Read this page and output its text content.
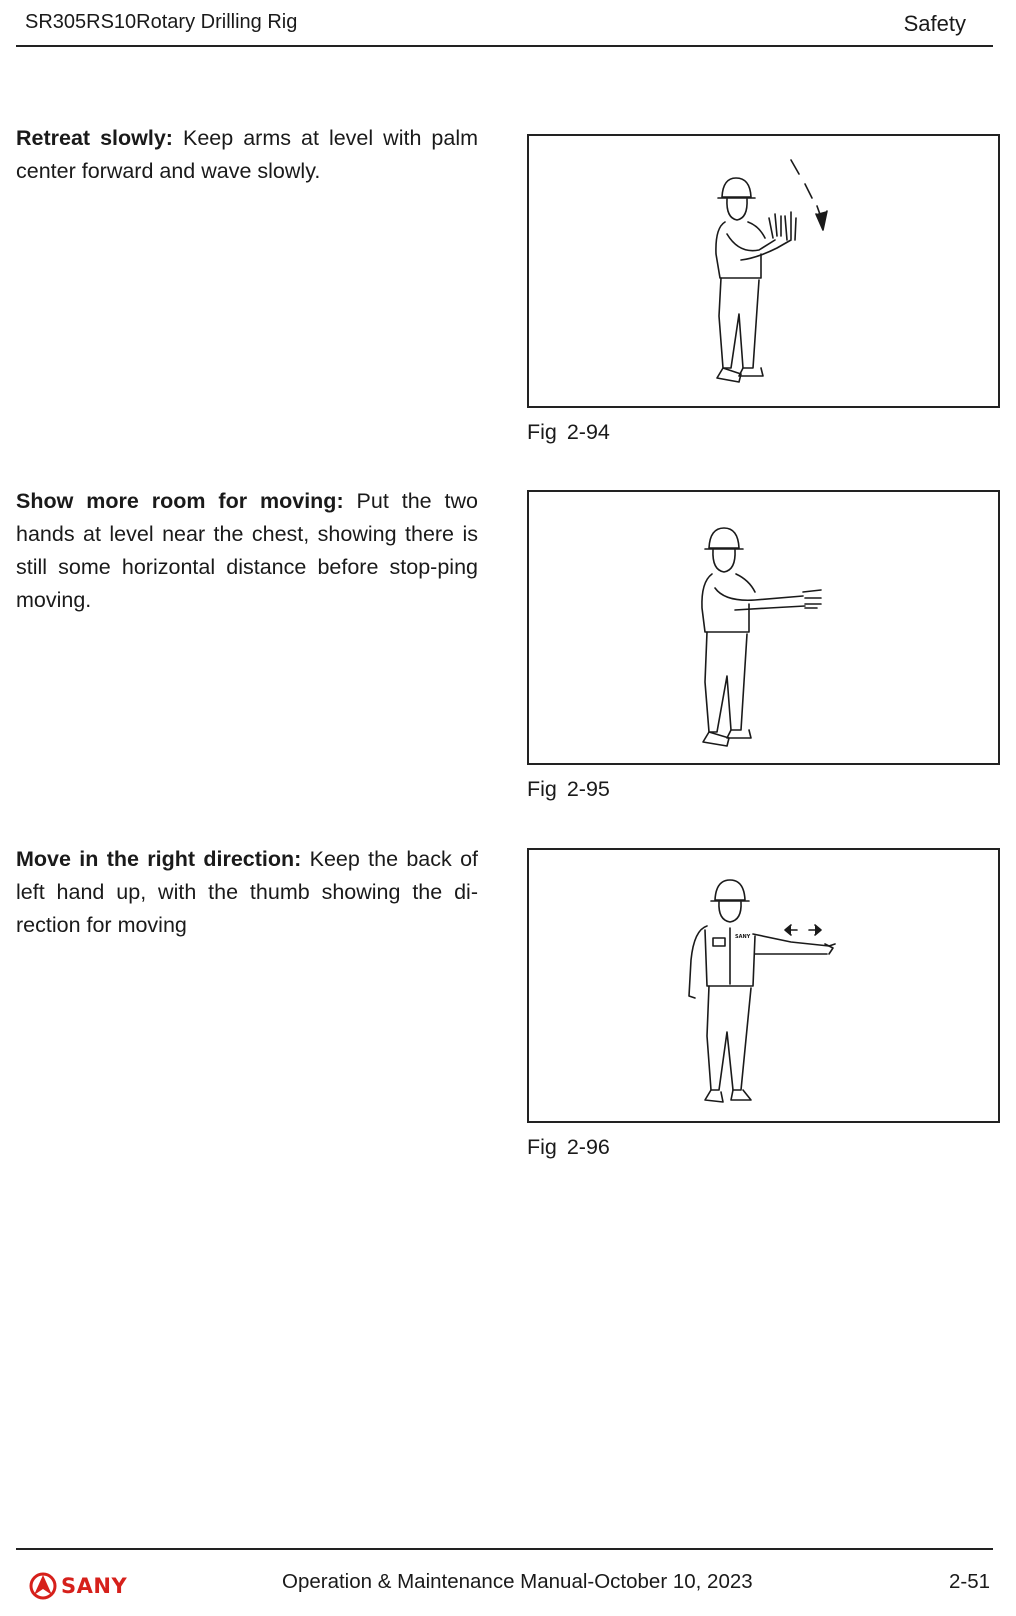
SR305RS10Rotary Drilling Rig	Safety
Retreat slowly: Keep arms at level with palm center forward and wave slowly.
Fig 2-94
Show more room for moving: Put the two hands at level near the chest, showing there is still some horizontal distance before stop-ping moving.
Fig 2-95
Move in the right direction: Keep the back of left hand up, with the thumb showing the di-rection for moving	SANY
Fig 2-96
SANY	Operation & Maintenance Manual-October 10, 2023	2-51
